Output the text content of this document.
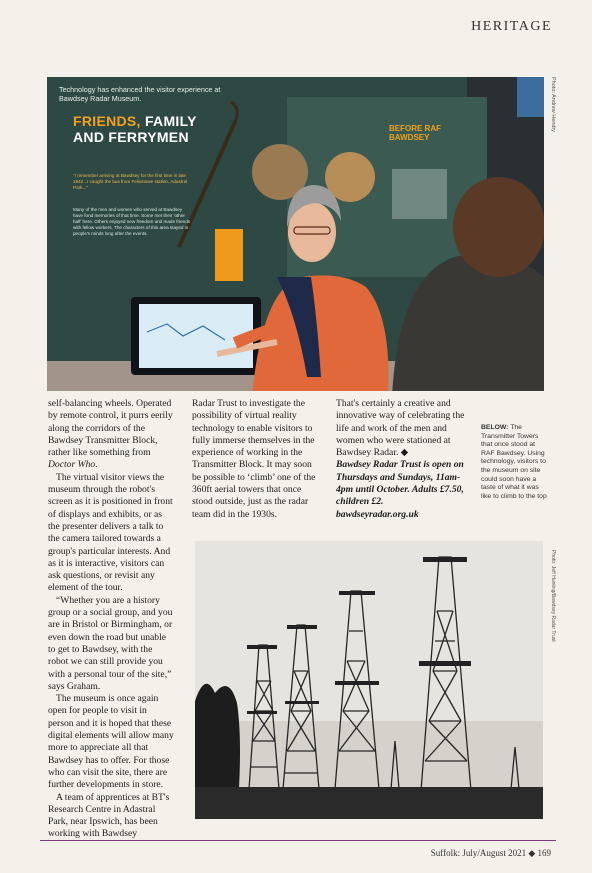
HERITAGE
Technology has enhanced the visitor experience at Bawdsey Radar Museum.
FRIENDS, FAMILY AND FERRYMEN
"I remember arriving at Bawdsey for the first time in late 1942...I caught the bus from Felixstowe station, Adastral Park..."
Many of the men and women who served at Bawdsey have fond memories of that time. Some met their 'other half' here. Others enjoyed new freedom and made friends with fellow workers. The characters of this area stayed in people's minds long after the events.
BEFORE RAF BAWDSEY
Photo: Andrew Hendry

self-balancing wheels. Operated by remote control, it purrs eerily along the corridors of the Bawdsey Transmitter Block, rather like something from Doctor Who.

The virtual visitor views the museum through the robot's screen as it is positioned in front of displays and exhibits, or as the presenter delivers a talk to the camera tailored towards a group's particular interests. And as it is interactive, visitors can ask questions, or revisit any element of the tour.

“Whether you are a history group or a social group, and you are in Bristol or Birmingham, or even down the road but unable to get to Bawdsey, with the robot we can still provide you with a personal tour of the site,” says Graham.

The museum is once again open for people to visit in person and it is hoped that these digital elements will allow many more to appreciate all that Bawdsey has to offer. For those who can visit the site, there are further developments in store.

A team of apprentices at BT's Research Centre in Adastral Park, near Ipswich, has been working with Bawdsey

Radar Trust to investigate the possibility of virtual reality technology to enable visitors to fully immerse themselves in the experience of working in the Transmitter Block. It may soon be possible to ‘climb’ one of the 360ft aerial towers that once stood outside, just as the radar team did in the 1930s.

That's certainly a creative and innovative way of celebrating the life and work of the men and women who were stationed at Bawdsey Radar. ◆

Bawdsey Radar Trust is open on Thursdays and Sundays, 11am-4pm until October. Adults £7.50, children £2. bawdseyradar.org.uk

BELOW: The Transmitter Towers that once stood at RAF Bawdsey. Using technology, visitors to the museum on site could soon have a taste of what it was like to climb to the top
Photo: Jeff Hunting/Bawdsey Radar Trust
Suffolk: July/August 2021 ◆ 169
